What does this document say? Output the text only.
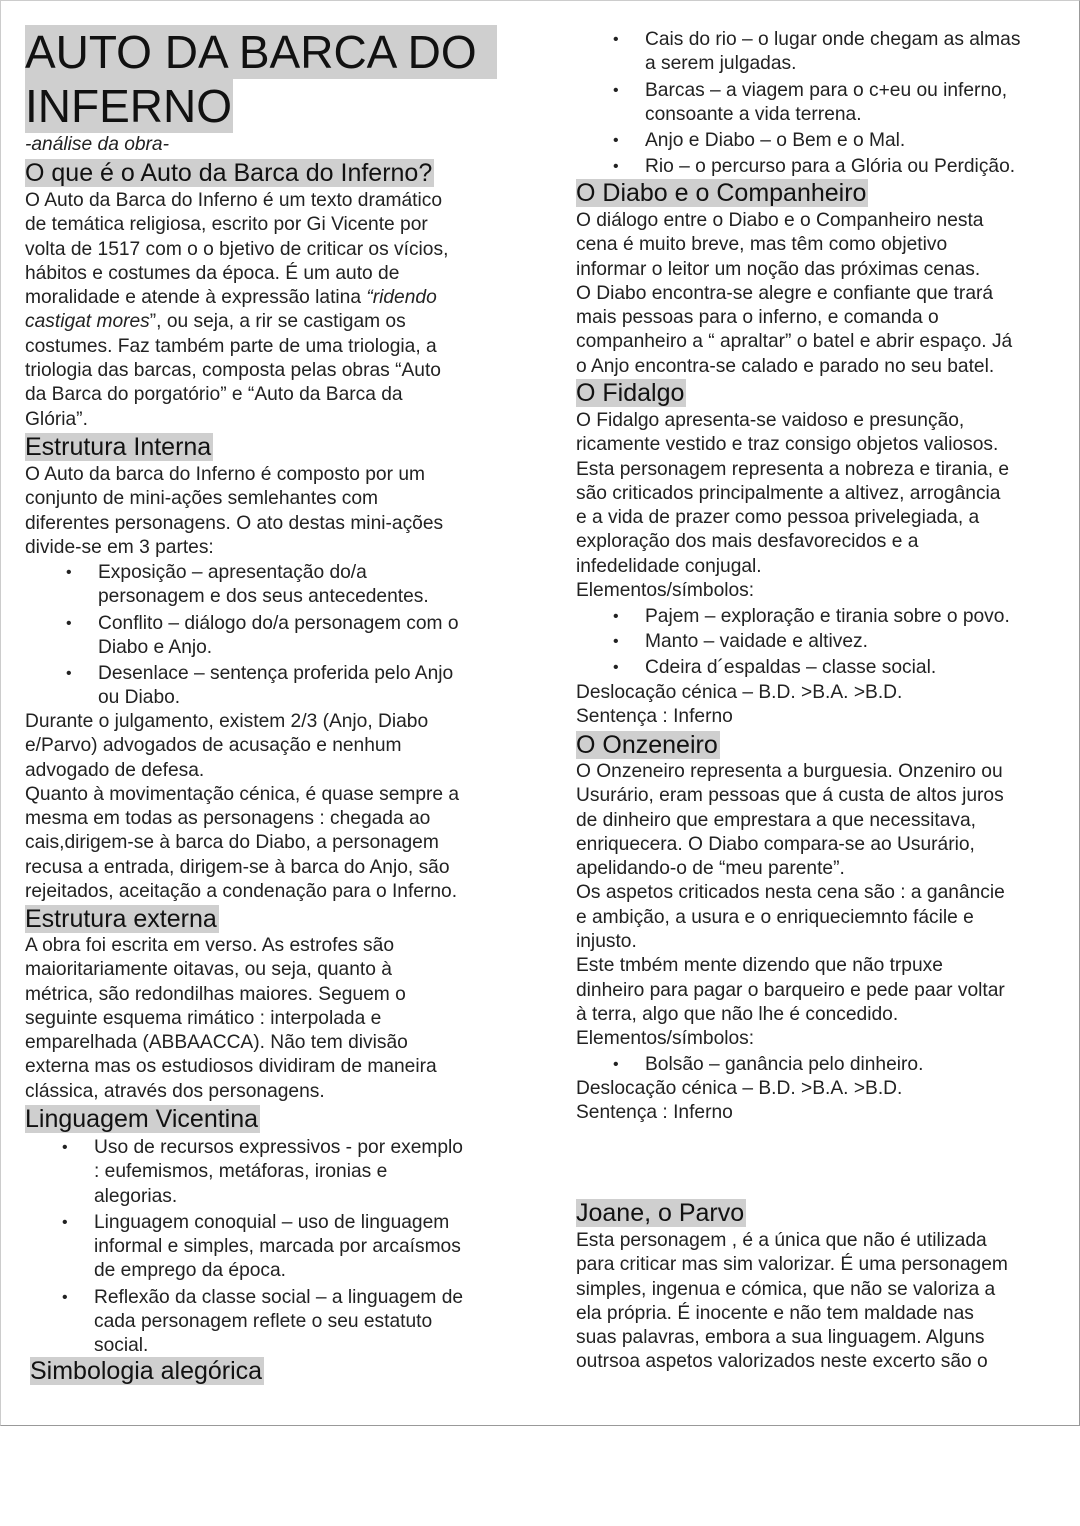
AUTO DA BARCA DO
INFERNO

-análise da obra-

O que é o Auto da Barca do Inferno?

O Auto da Barca do Inferno é um texto dramático

de temática religiosa, escrito por Gi Vicente por

volta de 1517 com o o bjetivo de criticar os vícios,

hábitos e costumes da época. É um auto de

moralidade e atende à expressão latina “ridendo

castigat mores”, ou seja, a rir se castigam os

costumes. Faz também parte de uma triologia, a

triologia das barcas, composta pelas obras “Auto

da Barca do porgatório” e “Auto da Barca da

Glória”.

Estrutura Interna

O Auto da barca do Inferno é composto por um

conjunto de mini-ações semlehantes com

diferentes personagens. O ato destas mini-ações

divide-se em 3 partes:

• Exposição – apresentação do/a
personagem e dos seus antecedentes.
• Conflito – diálogo do/a personagem com o
Diabo e Anjo.
• Desenlace – sentença proferida pelo Anjo
ou Diabo.

Durante o julgamento, existem 2/3 (Anjo, Diabo

e/Parvo) advogados de acusação e nenhum

advogado de defesa.

Quanto à movimentação cénica, é quase sempre a

mesma em todas as personagens : chegada ao

cais,dirigem-se à barca do Diabo, a personagem

recusa a entrada, dirigem-se à barca do Anjo, são

rejeitados, aceitação a condenação para o Inferno.

Estrutura externa

A obra foi escrita em verso. As estrofes são

maioritariamente oitavas, ou seja, quanto à

métrica, são redondilhas maiores. Seguem o

seguinte esquema rimático : interpolada e

emparelhada (ABBAACCA). Não tem divisão

externa mas os estudiosos dividiram de maneira

clássica, através dos personagens.

Linguagem Vicentina
• Uso de recursos expressivos - por exemplo
: eufemismos, metáforas, ironias e
alegorias.
• Linguagem conoquial – uso de linguagem
informal e simples, marcada por arcaísmos
de emprego da época.
• Reflexão da classe social – a linguagem de
cada personagem reflete o seu estatuto
social.
Simbologia alegórica
• Cais do rio – o lugar onde chegam as almas
a serem julgadas.
• Barcas – a viagem para o c+eu ou inferno,
consoante a vida terrena.
• Anjo e Diabo – o Bem e o Mal.
• Rio – o percurso para a Glória ou Perdição.
O Diabo e o Companheiro

O diálogo entre o Diabo e o Companheiro nesta

cena é muito breve, mas têm como objetivo

informar o leitor um noção das próximas cenas.

O Diabo encontra-se alegre e confiante que trará

mais pessoas para o inferno, e comanda o

companheiro a “ apraltar” o batel e abrir espaço. Já

o Anjo encontra-se calado e parado no seu batel.

O Fidalgo

O Fidalgo apresenta-se vaidoso e presunção,

ricamente vestido e traz consigo objetos valiosos.

Esta personagem representa a nobreza e tirania, e

são criticados principalmente a altivez, arrogância

e a vida de prazer como pessoa privelegiada, a

exploração dos mais desfavorecidos e a

infedelidade conjugal.

Elementos/símbolos:

• Pajem – exploração e tirania sobre o povo.
• Manto – vaidade e altivez.
• Cdeira d´espaldas – classe social.

Deslocação cénica – B.D. >B.A. >B.D.

Sentença : Inferno

O Onzeneiro

O Onzeneiro representa a burguesia. Onzeniro ou

Usurário, eram pessoas que á custa de altos juros

de dinheiro que emprestara a que necessitava,

enriquecera. O Diabo compara-se ao Usurário,

apelidando-o de “meu parente”.

Os aspetos criticados nesta cena são : a ganâncie

e ambição, a usura e o enriqueciemnto fácile e

injusto.

Este tmbém mente dizendo que não trpuxe

dinheiro para pagar o barqueiro e pede paar voltar

à terra, algo que não lhe é concedido.

Elementos/símbolos:

• Bolsão – ganância pelo dinheiro.

Deslocação cénica – B.D. >B.A. >B.D.

Sentença : Inferno

Joane, o Parvo

Esta personagem , é a única que não é utilizada

para criticar mas sim valorizar. É uma personagem

simples, ingenua e cómica, que não se valoriza a

ela própria. É inocente e não tem maldade nas

suas palavras, embora a sua linguagem. Alguns

outrsoa aspetos valorizados neste excerto são o
